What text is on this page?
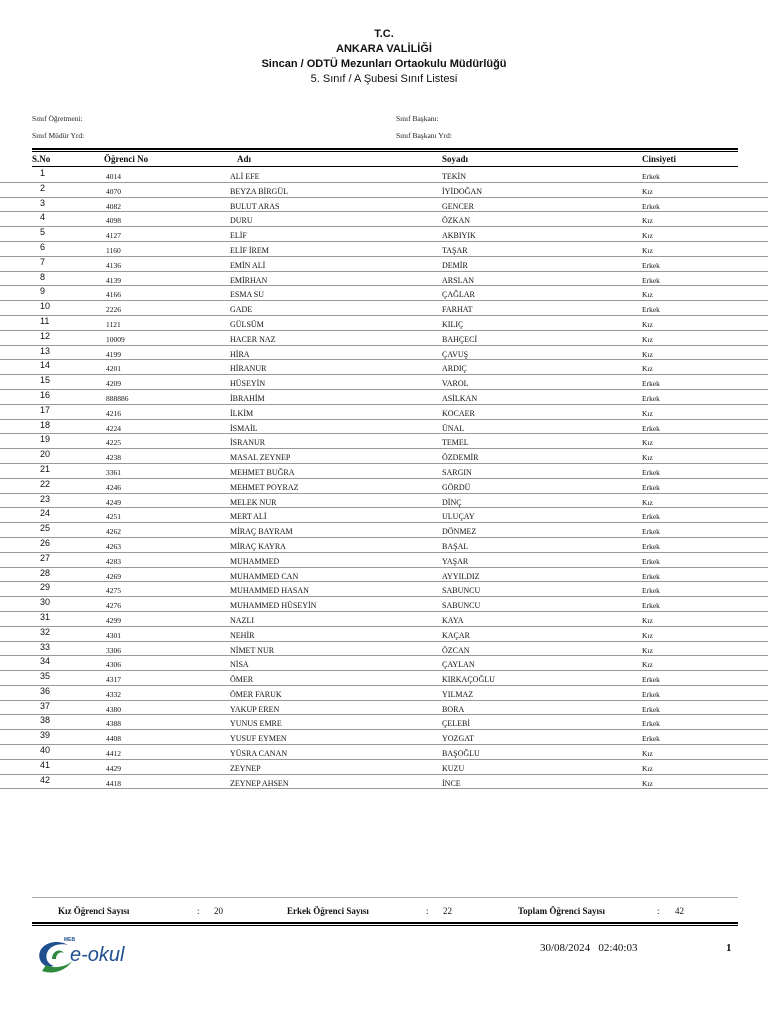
T.C.
ANKARA VALİLİĞİ
Sincan / ODTÜ Mezunları Ortaokulu Müdürlüğü
5. Sınıf / A Şubesi Sınıf Listesi
Sınıf Öğretmeni:
Sınıf Müdür Yrd:
Sınıf Başkanı:
Sınıf Başkanı Yrd:
S.No	Öğrenci No	Adı	Soyadı	Cinsiyeti
1	4014	ALİ EFE	TEKİN	Erkek
2	4070	BEYZA BİRGÜL	İYİDOĞAN	Kız
3	4082	BULUT ARAS	GENCER	Erkek
4	4098	DURU	ÖZKAN	Kız
5	4127	ELİF	AKBIYIK	Kız
6	1160	ELİF İREM	TAŞAR	Kız
7	4136	EMİN ALİ	DEMİR	Erkek
8	4139	EMİRHAN	ARSLAN	Erkek
9	4166	ESMA SU	ÇAĞLAR	Kız
10	2226	GADE	FARHAT	Erkek
11	1121	GÜLSÜM	KILIÇ	Kız
12	10009	HACER NAZ	BAHÇECİ	Kız
13	4199	HİRA	ÇAVUŞ	Kız
14	4201	HİRANUR	ARDIÇ	Kız
15	4209	HÜSEYİN	VAROL	Erkek
16	888886	İBRAHİM	ASİLKAN	Erkek
17	4216	İLKİM	KOCAER	Kız
18	4224	İSMAİL	ÜNAL	Erkek
19	4225	İSRANUR	TEMEL	Kız
20	4238	MASAL ZEYNEP	ÖZDEMİR	Kız
21	3361	MEHMET BUĞRA	SARGIN	Erkek
22	4246	MEHMET POYRAZ	GÖRDÜ	Erkek
23	4249	MELEK NUR	DİNÇ	Kız
24	4251	MERT ALİ	ULUÇAY	Erkek
25	4262	MİRAÇ BAYRAM	DÖNMEZ	Erkek
26	4263	MİRAÇ KAYRA	BAŞAL	Erkek
27	4283	MUHAMMED	YAŞAR	Erkek
28	4269	MUHAMMED CAN	AYYILDIZ	Erkek
29	4275	MUHAMMED HASAN	SABUNCU	Erkek
30	4276	MUHAMMED HÜSEYİN	SABUNCU	Erkek
31	4299	NAZLI	KAYA	Kız
32	4301	NEHİR	KAÇAR	Kız
33	3306	NİMET NUR	ÖZCAN	Kız
34	4306	NİSA	ÇAYLAN	Kız
35	4317	ÖMER	KIRKAÇOĞLU	Erkek
36	4332	ÖMER FARUK	YILMAZ	Erkek
37	4380	YAKUP EREN	BORA	Erkek
38	4388	YUNUS EMRE	ÇELEBİ	Erkek
39	4408	YUSUF EYMEN	YOZGAT	Erkek
40	4412	YÜSRA CANAN	BAŞOĞLU	Kız
41	4429	ZEYNEP	KUZU	Kız
42	4418	ZEYNEP AHSEN	İNCE	Kız
Kız Öğrenci Sayısı	: 20	Erkek Öğrenci Sayısı	: 22	Toplam Öğrenci Sayısı	: 42
MEB
e-okul	30/08/2024   02:40:03	1
